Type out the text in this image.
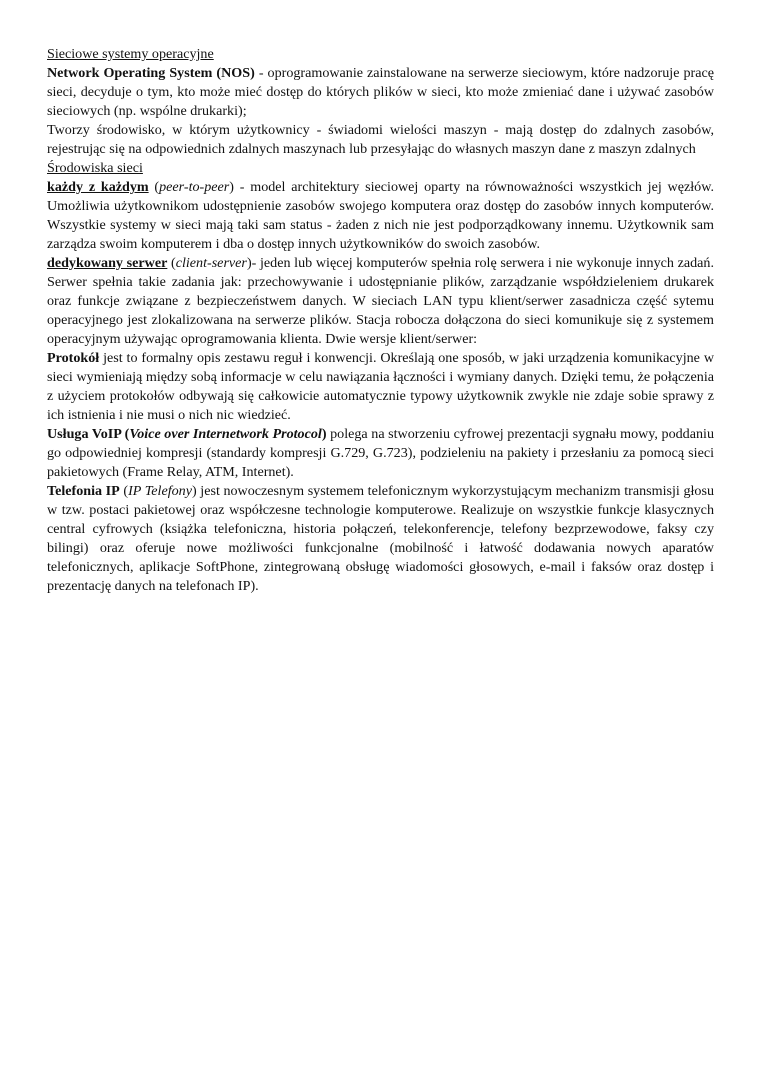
Sieciowe systemy operacyjne

Network Operating System (NOS) - oprogramowanie zainstalowane na serwerze sieciowym, które nadzoruje pracę sieci, decyduje o tym, kto może mieć dostęp do których plików w sieci, kto może zmieniać dane i używać zasobów sieciowych (np. wspólne drukarki);

Tworzy środowisko, w którym użytkownicy - świadomi wielości maszyn - mają dostęp do zdalnych zasobów, rejestrując się na odpowiednich zdalnych maszynach lub przesyłając do własnych maszyn dane z maszyn zdalnych

Środowiska sieci

każdy z każdym (peer-to-peer) - model architektury sieciowej oparty na równoważności wszystkich jej węzłów. Umożliwia użytkownikom udostępnienie zasobów swojego komputera oraz dostęp do zasobów innych komputerów. Wszystkie systemy w sieci mają taki sam status - żaden z nich nie jest podporządkowany innemu. Użytkownik sam zarządza swoim komputerem i dba o dostęp innych użytkowników do swoich zasobów.

dedykowany serwer (client-server)- jeden lub więcej komputerów spełnia rolę serwera i nie wykonuje innych zadań. Serwer spełnia takie zadania jak: przechowywanie i udostępnianie plików, zarządzanie współdzieleniem drukarek oraz funkcje związane z bezpieczeństwem danych. W sieciach LAN typu klient/serwer zasadnicza część sytemu operacyjnego jest zlokalizowana na serwerze plików. Stacja robocza dołączona do sieci komunikuje się z systemem operacyjnym używając oprogramowania klienta. Dwie wersje klient/serwer:

Protokół jest to formalny opis zestawu reguł i konwencji. Określają one sposób, w jaki urządzenia komunikacyjne w sieci wymieniają między sobą informacje w celu nawiązania łączności i wymiany danych. Dzięki temu, że połączenia z użyciem protokołów odbywają się całkowicie automatycznie typowy użytkownik zwykle nie zdaje sobie sprawy z ich istnienia i nie musi o nich nic wiedzieć.

Usługa VoIP (Voice over Internetwork Protocol) polega na stworzeniu cyfrowej prezentacji sygnału mowy, poddaniu go odpowiedniej kompresji (standardy kompresji G.729, G.723), podzieleniu na pakiety i przesłaniu za pomocą sieci pakietowych (Frame Relay, ATM, Internet).

Telefonia IP (IP Telefony) jest nowoczesnym systemem telefonicznym wykorzystującym mechanizm transmisji głosu w tzw. postaci pakietowej oraz współczesne technologie komputerowe. Realizuje on wszystkie funkcje klasycznych central cyfrowych (książka telefoniczna, historia połączeń, telekonferencje, telefony bezprzewodowe, faksy czy bilingi) oraz oferuje nowe możliwości funkcjonalne (mobilność i łatwość dodawania nowych aparatów telefonicznych, aplikacje SoftPhone, zintegrowaną obsługę wiadomości głosowych, e-mail i faksów oraz dostęp i prezentację danych na telefonach IP).
